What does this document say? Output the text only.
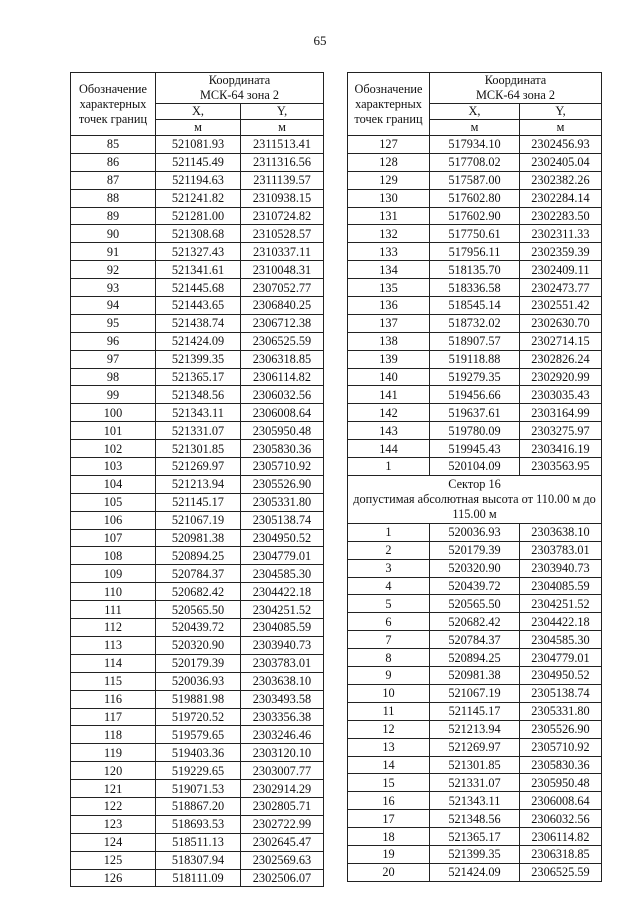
65
Обозначение характерных точек границ	Координата
МСК-64 зона 2	
	X,	Y,
	м	м
85	521081.93	2311513.41
86	521145.49	2311316.56
87	521194.63	2311139.57
88	521241.82	2310938.15
89	521281.00	2310724.82
90	521308.68	2310528.57
91	521327.43	2310337.11
92	521341.61	2310048.31
93	521445.68	2307052.77
94	521443.65	2306840.25
95	521438.74	2306712.38
96	521424.09	2306525.59
97	521399.35	2306318.85
98	521365.17	2306114.82
99	521348.56	2306032.56
100	521343.11	2306008.64
101	521331.07	2305950.48
102	521301.85	2305830.36
103	521269.97	2305710.92
104	521213.94	2305526.90
105	521145.17	2305331.80
106	521067.19	2305138.74
107	520981.38	2304950.52
108	520894.25	2304779.01
109	520784.37	2304585.30
110	520682.42	2304422.18
111	520565.50	2304251.52
112	520439.72	2304085.59
113	520320.90	2303940.73
114	520179.39	2303783.01
115	520036.93	2303638.10
116	519881.98	2303493.58
117	519720.52	2303356.38
118	519579.65	2303246.46
119	519403.36	2303120.10
120	519229.65	2303007.77
121	519071.53	2302914.29
122	518867.20	2302805.71
123	518693.53	2302722.99
124	518511.13	2302645.47
125	518307.94	2302569.63
126	518111.09	2302506.07
Обозначение характерных точек границ	Координата
МСК-64 зона 2	
	X,	Y,
	м	м
127	517934.10	2302456.93
128	517708.02	2302405.04
129	517587.00	2302382.26
130	517602.80	2302284.14
131	517602.90	2302283.50
132	517750.61	2302311.33
133	517956.11	2302359.39
134	518135.70	2302409.11
135	518336.58	2302473.77
136	518545.14	2302551.42
137	518732.02	2302630.70
138	518907.57	2302714.15
139	519118.88	2302826.24
140	519279.35	2302920.99
141	519456.66	2303035.43
142	519637.61	2303164.99
143	519780.09	2303275.97
144	519945.43	2303416.19
1	520104.09	2303563.95
Сектор 16
допустимая абсолютная высота от 110.00 м до 115.00 м		
1	520036.93	2303638.10
2	520179.39	2303783.01
3	520320.90	2303940.73
4	520439.72	2304085.59
5	520565.50	2304251.52
6	520682.42	2304422.18
7	520784.37	2304585.30
8	520894.25	2304779.01
9	520981.38	2304950.52
10	521067.19	2305138.74
11	521145.17	2305331.80
12	521213.94	2305526.90
13	521269.97	2305710.92
14	521301.85	2305830.36
15	521331.07	2305950.48
16	521343.11	2306008.64
17	521348.56	2306032.56
18	521365.17	2306114.82
19	521399.35	2306318.85
20	521424.09	2306525.59
